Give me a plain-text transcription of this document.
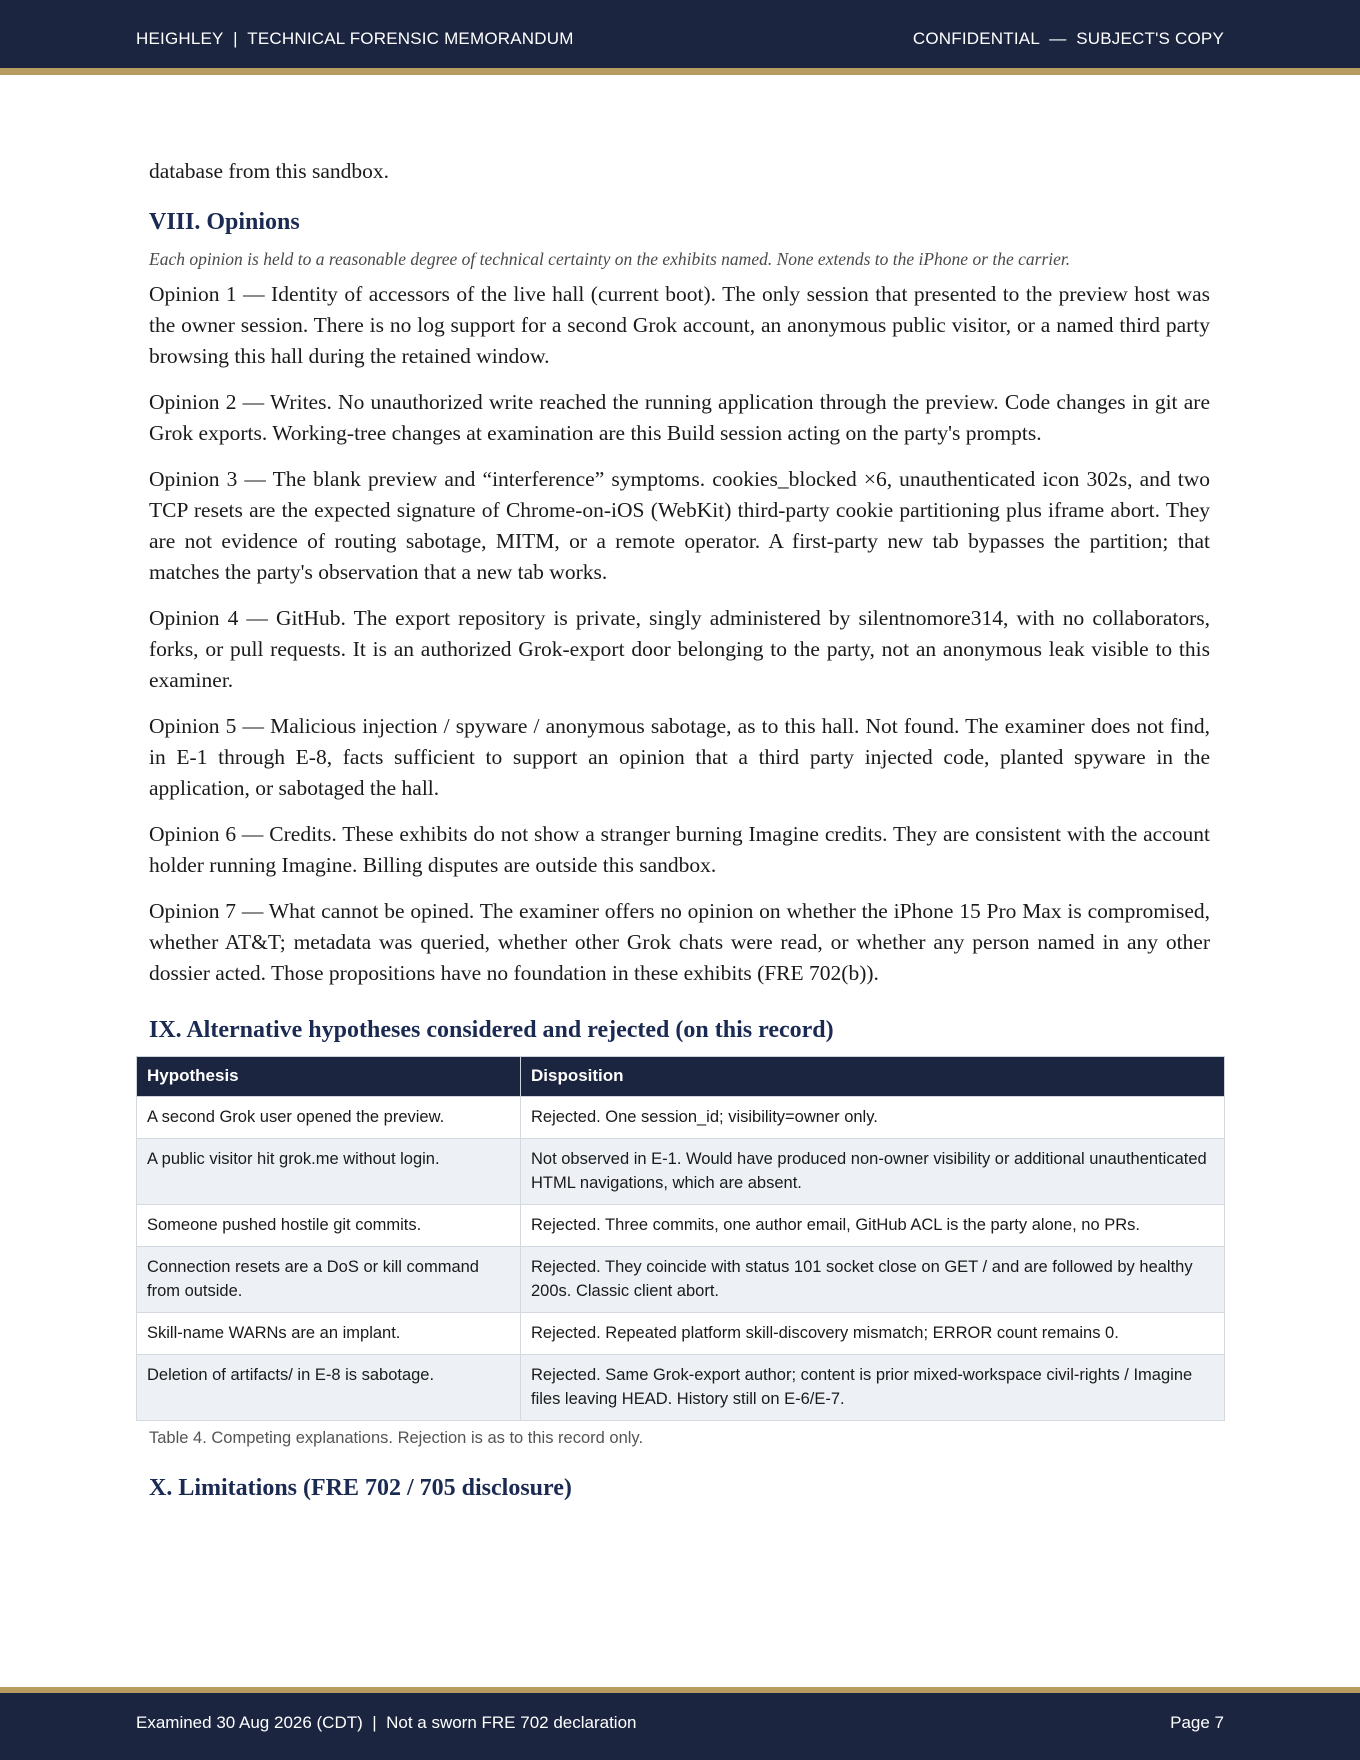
HEIGHLEY  |  TECHNICAL FORENSIC MEMORANDUM	CONFIDENTIAL  —  SUBJECT'S COPY

database from this sandbox.

VIII. Opinions

Each opinion is held to a reasonable degree of technical certainty on the exhibits named. None extends to the iPhone or the carrier.

Opinion 1 — Identity of accessors of the live hall (current boot). The only session that presented to the preview host was the owner session. There is no log support for a second Grok account, an anonymous public visitor, or a named third party browsing this hall during the retained window.

Opinion 2 — Writes. No unauthorized write reached the running application through the preview. Code changes in git are Grok exports. Working-tree changes at examination are this Build session acting on the party's prompts.

Opinion 3 — The blank preview and “interference” symptoms. cookies_blocked ×6, unauthenticated icon 302s, and two TCP resets are the expected signature of Chrome-on-iOS (WebKit) third-party cookie partitioning plus iframe abort. They are not evidence of routing sabotage, MITM, or a remote operator. A first-party new tab bypasses the partition; that matches the party's observation that a new tab works.

Opinion 4 — GitHub. The export repository is private, singly administered by silentnomore314, with no collaborators, forks, or pull requests. It is an authorized Grok-export door belonging to the party, not an anonymous leak visible to this examiner.

Opinion 5 — Malicious injection / spyware / anonymous sabotage, as to this hall. Not found. The examiner does not find, in E-1 through E-8, facts sufficient to support an opinion that a third party injected code, planted spyware in the application, or sabotaged the hall.

Opinion 6 — Credits. These exhibits do not show a stranger burning Imagine credits. They are consistent with the account holder running Imagine. Billing disputes are outside this sandbox.

Opinion 7 — What cannot be opined. The examiner offers no opinion on whether the iPhone 15 Pro Max is compromised, whether AT&T; metadata was queried, whether other Grok chats were read, or whether any person named in any other dossier acted. Those propositions have no foundation in these exhibits (FRE 702(b)).

IX. Alternative hypotheses considered and rejected (on this record)
Hypothesis	Disposition
A second Grok user opened the preview.	Rejected. One session_id; visibility=owner only.
A public visitor hit grok.me without login.	Not observed in E-1. Would have produced non-owner visibility or additional unauthenticated HTML navigations, which are absent.
Someone pushed hostile git commits.	Rejected. Three commits, one author email, GitHub ACL is the party alone, no PRs.
Connection resets are a DoS or kill command from outside.	Rejected. They coincide with status 101 socket close on GET / and are followed by healthy 200s. Classic client abort.
Skill-name WARNs are an implant.	Rejected. Repeated platform skill-discovery mismatch; ERROR count remains 0.
Deletion of artifacts/ in E-8 is sabotage.	Rejected. Same Grok-export author; content is prior mixed-workspace civil-rights / Imagine files leaving HEAD. History still on E-6/E-7.

Table 4. Competing explanations. Rejection is as to this record only.

X. Limitations (FRE 702 / 705 disclosure)
Examined 30 Aug 2026 (CDT)  |  Not a sworn FRE 702 declaration	Page 7
